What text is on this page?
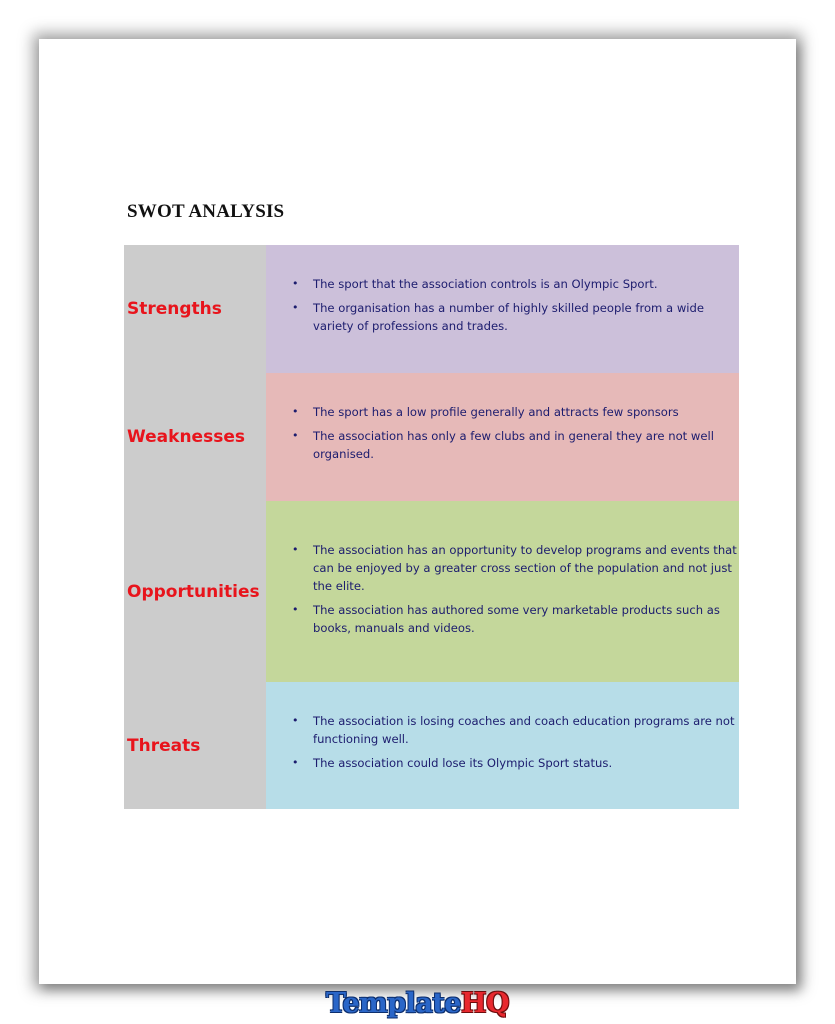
SWOT ANALYSIS
Strengths
• The sport that the association controls is an Olympic Sport.
• The organisation has a number of highly skilled people from a wide variety of professions and trades.
Weaknesses
• The sport has a low profile generally and attracts few sponsors
• The association has only a few clubs and in general they are not well organised.
Opportunities
• The association has an opportunity to develop programs and events that can be enjoyed by a greater cross section of the population and not just the elite.
• The association has authored some very marketable products such as books, manuals and videos.
Threats
• The association is losing coaches and coach education programs are not functioning well.
• The association could lose its Olympic Sport status.
TemplateHQ
